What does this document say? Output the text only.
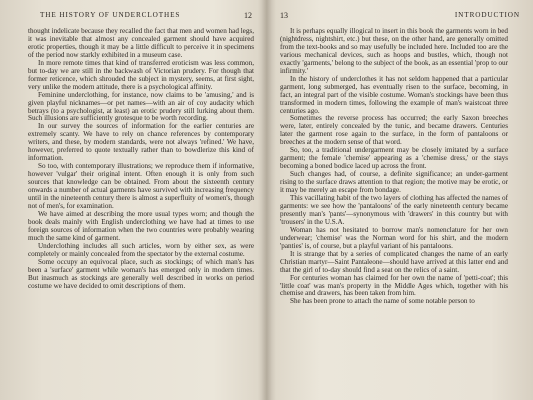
THE HISTORY OF UNDERCLOTHES	12

thought indelicate because they recalled the fact that men and women had legs, it was inevitable that almost any concealed garment should have acquired erotic properties, though it may be a little difficult to perceive it in specimens of the period now starkly exhibited in a museum case.

In more remote times that kind of transferred eroticism was less common, but to-day we are still in the backwash of Victorian prudery. For though that former reticence, which shrouded the subject in mystery, seems, at first sight, very unlike the modern attitude, there is a psychological affinity.

Feminine underclothing, for instance, now claims to be 'amusing,' and is given playful nicknames—or pet names—with an air of coy audacity which betrays (to a psychologist, at least) an erotic prudery still lurking about them. Such illusions are sufficiently grotesque to be worth recording.

In our survey the sources of information for the earlier centuries are extremely scanty. We have to rely on chance references by contemporary writers, and these, by modern standards, were not always 'refined.' We have, however, preferred to quote textually rather than to bowdlerize this kind of information.

So too, with contemporary illustrations; we reproduce them if informative, however 'vulgar' their original intent. Often enough it is only from such sources that knowledge can be obtained. From about the sixteenth century onwards a number of actual garments have survived with increasing frequency until in the nineteenth century there is almost a superfluity of women's, though not of men's, for examination.

We have aimed at describing the more usual types worn; and though the book deals mainly with English underclothing we have had at times to use foreign sources of information when the two countries were probably wearing much the same kind of garment.

Underclothing includes all such articles, worn by either sex, as were completely or mainly concealed from the spectator by the external costume.

Some occupy an equivocal place, such as stockings; of which man's has been a 'surface' garment while woman's has emerged only in modern times. But inasmuch as stockings are generally well described in works on period costume we have decided to omit descriptions of them.

13	INTRODUCTION

It is perhaps equally illogical to insert in this book the garments worn in bed (nightdress, nightshirt, etc.) but these, on the other hand, are generally omitted from the text-books and so may usefully be included here. Included too are the various mechanical devices, such as hoops and bustles, which, though not exactly 'garments,' belong to the subject of the book, as an essential 'prop to our infirmity.'

In the history of underclothes it has not seldom happened that a particular garment, long submerged, has eventually risen to the surface, becoming, in fact, an integral part of the visible costume. Woman's stockings have been thus transformed in modern times, following the example of man's waistcoat three centuries ago.

Sometimes the reverse process has occurred; the early Saxon breeches were, later, entirely concealed by the tunic, and became drawers. Centuries later the garment rose again to the surface, in the form of pantaloons or breeches at the modern sense of that word.

So, too, a traditional undergarment may be closely imitated by a surface garment; the female 'chemise' appearing as a 'chemise dress,' or the stays becoming a boned bodice laced up across the front.

Such changes had, of course, a definite significance; an under-garment rising to the surface draws attention to that region; the motive may be erotic, or it may be merely an escape from bondage.

This vacillating habit of the two layers of clothing has affected the names of garments: we see how the 'pantaloons' of the early nineteenth century became presently man's 'pants'—synonymous with 'drawers' in this country but with 'trousers' in the U.S.A.

Woman has not hesitated to borrow man's nomenclature for her own underwear; 'chemise' was the Norman word for his shirt, and the modern 'panties' is, of course, but a playful variant of his pantaloons.

It is strange that by a series of complicated changes the name of an early Christian martyr—Saint Pantaleone—should have arrived at this latter end and that the girl of to-day should find a seat on the relics of a saint.

For centuries woman has claimed for her own the name of 'petti-coat'; this 'little coat' was man's property in the Middle Ages which, together with his chemise and drawers, has been taken from him.

She has been prone to attach the name of some notable person to
